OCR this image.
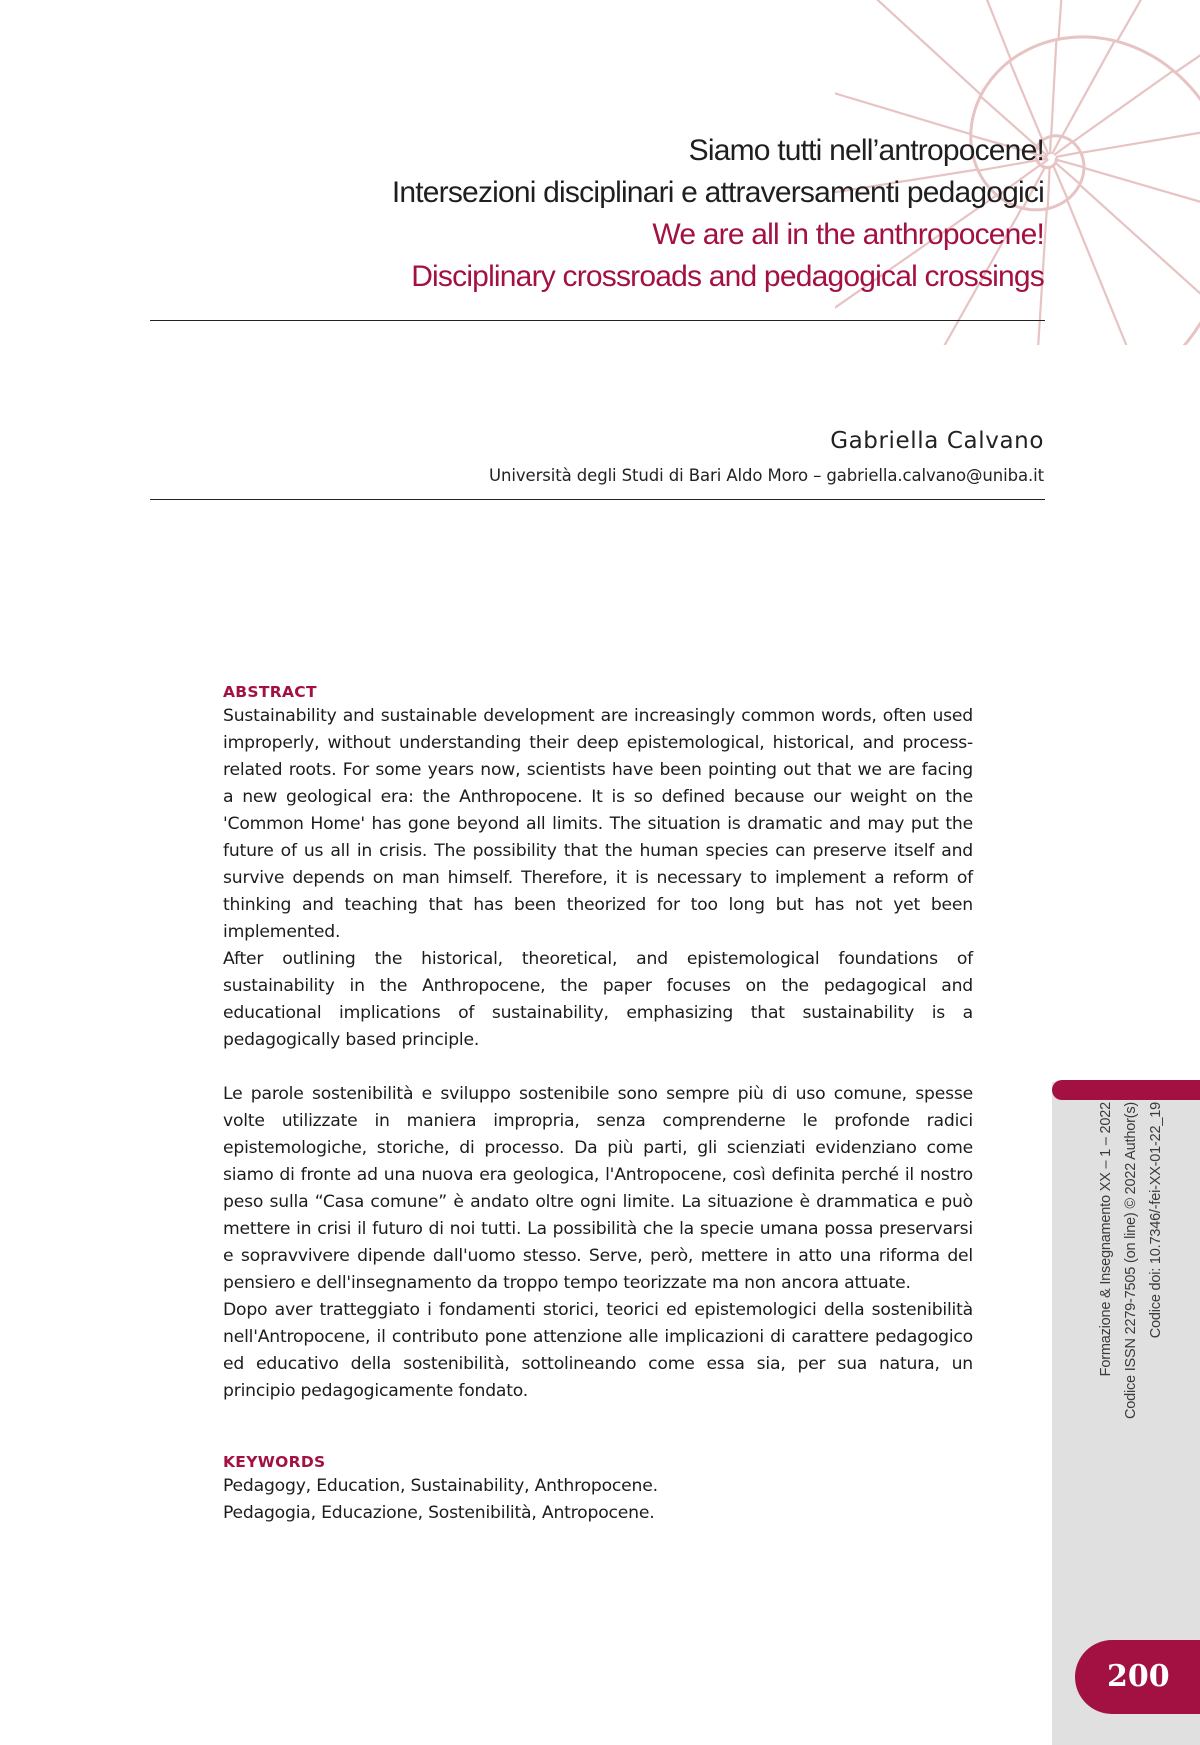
Siamo tutti nell’antropocene!
Intersezioni disciplinari e attraversamenti pedagogici
We are all in the anthropocene!
Disciplinary crossroads and pedagogical crossings
Gabriella Calvano
Università degli Studi di Bari Aldo Moro – gabriella.calvano@uniba.it
ABSTRACT

Sustainability and sustainable development are increasingly common words, often used improperly, without understanding their deep epistemological, historical, and process-related roots. For some years now, scientists have been pointing out that we are facing a new geological era: the Anthropocene. It is so defined because our weight on the 'Common Home' has gone beyond all limits. The situation is dramatic and may put the future of us all in crisis. The possibility that the human species can preserve itself and survive depends on man himself. Therefore, it is necessary to implement a reform of thinking and teaching that has been theorized for too long but has not yet been implemented.

After outlining the historical, theoretical, and epistemological foundations of sustainability in the Anthropocene, the paper focuses on the pedagogical and educational implications of sustainability, emphasizing that sustainability is a pedagogically based principle.

Le parole sostenibilità e sviluppo sostenibile sono sempre più di uso comune, spesse volte utilizzate in maniera impropria, senza comprenderne le profonde radici epistemologiche, storiche, di processo. Da più parti, gli scienziati evidenziano come siamo di fronte ad una nuova era geologica, l'Antropocene, così definita perché il nostro peso sulla “Casa comune” è andato oltre ogni limite. La situazione è drammatica e può mettere in crisi il futuro di noi tutti. La possibilità che la specie umana possa preservarsi e sopravvivere dipende dall'uomo stesso. Serve, però, mettere in atto una riforma del pensiero e dell'insegnamento da troppo tempo teorizzate ma non ancora attuate.

Dopo aver tratteggiato i fondamenti storici, teorici ed epistemologici della sostenibilità nell'Antropocene, il contributo pone attenzione alle implicazioni di carattere pedagogico ed educativo della sostenibilità, sottolineando come essa sia, per sua natura, un principio pedagogicamente fondato.

KEYWORDS

Pedagogy, Education, Sustainability, Anthropocene.

Pedagogia, Educazione, Sostenibilità, Antropocene.

Formazione & Insegnamento XX – 1 – 2022 Codice ISSN 2279-7505 (on line) © 2022 Author(s) Codice doi: 10.7346/-fei-XX-01-22_19
200
